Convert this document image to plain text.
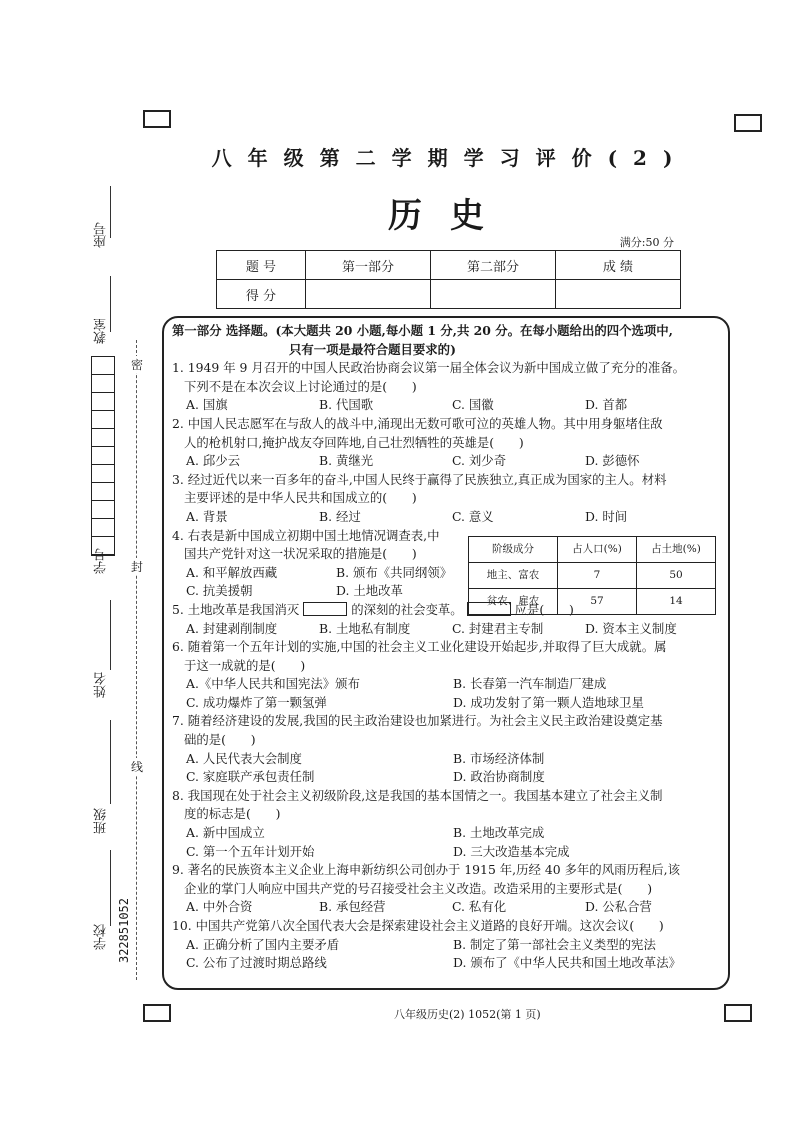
座号
教室
学号
姓名
班级
学校 322851052
密
封
线
八年级第二学期学习评价(2)
历史
满分:50 分
题 号	第一部分	第二部分	成 绩
得 分			

第一部分 选择题。(本大题共 20 小题,每小题 1 分,共 20 分。在每小题给出的四个选项中,

只有一项是最符合题目要求的)

1. 1949 年 9 月召开的中国人民政治协商会议第一届全体会议为新中国成立做了充分的准备。

下列不是在本次会议上讨论通过的是(　　)

A. 国旗	B. 代国歌	C. 国徽	D. 首都

2. 中国人民志愿军在与敌人的战斗中,涌现出无数可歌可泣的英雄人物。其中用身躯堵住敌

人的枪机射口,掩护战友夺回阵地,自己壮烈牺牲的英雄是(　　)

A. 邱少云	B. 黄继光	C. 刘少奇	D. 彭德怀

3. 经过近代以来一百多年的奋斗,中国人民终于赢得了民族独立,真正成为国家的主人。材料

主要评述的是中华人民共和国成立的(　　)

A. 背景	B. 经过	C. 意义	D. 时间

4. 右表是新中国成立初期中国土地情况调查表,中

国共产党针对这一状况采取的措施是(　　)

A. 和平解放西藏	B. 颁布《共同纲领》
C. 抗美援朝	D. 土地改革

5. 土地改革是我国消灭	的深刻的社会变革。	应是(　　)

A. 封建剥削制度	B. 土地私有制度	C. 封建君主专制	D. 资本主义制度

6. 随着第一个五年计划的实施,中国的社会主义工业化建设开始起步,并取得了巨大成就。属

于这一成就的是(　　)

A.《中华人民共和国宪法》颁布	B. 长春第一汽车制造厂建成
C. 成功爆炸了第一颗氢弹	D. 成功发射了第一颗人造地球卫星

7. 随着经济建设的发展,我国的民主政治建设也加紧进行。为社会主义民主政治建设奠定基

础的是(　　)

A. 人民代表大会制度	B. 市场经济体制
C. 家庭联产承包责任制	D. 政治协商制度

8. 我国现在处于社会主义初级阶段,这是我国的基本国情之一。我国基本建立了社会主义制

度的标志是(　　)

A. 新中国成立	B. 土地改革完成
C. 第一个五年计划开始	D. 三大改造基本完成

9. 著名的民族资本主义企业上海申新纺织公司创办于 1915 年,历经 40 多年的风雨历程后,该

企业的掌门人响应中国共产党的号召接受社会主义改造。改造采用的主要形式是(　　)

A. 中外合资	B. 承包经营	C. 私有化	D. 公私合营

10. 中国共产党第八次全国代表大会是探索建设社会主义道路的良好开端。这次会议(　　)

A. 正确分析了国内主要矛盾	B. 制定了第一部社会主义类型的宪法
C. 公布了过渡时期总路线	D. 颁布了《中华人民共和国土地改革法》
阶级成分	占人口(%)	占土地(%)
地主、富农	7	50
贫农、雇农	57	14
八年级历史(2) 1052(第 1 页)
